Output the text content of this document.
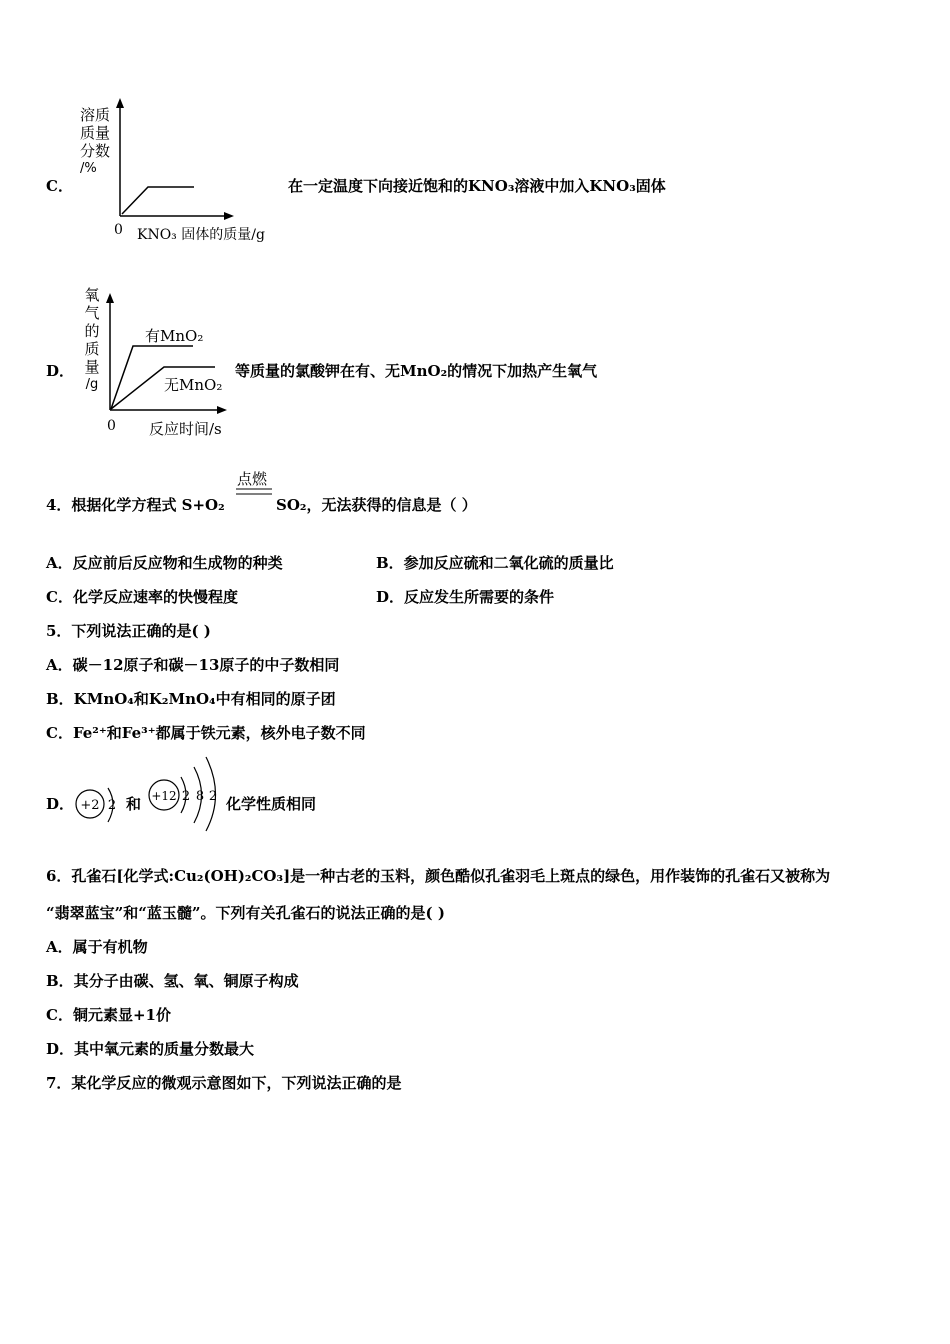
C．
溶质
质量
分数
/%
0 KNO₃ 固体的质量/g
在一定温度下向接近饱和的KNO₃溶液中加入KNO₃固体
D．
氧
气
的
质
量
/g
有MnO₂
无MnO₂
0 反应时间/s
等质量的氯酸钾在有、无MnO₂的情况下加热产生氧气
4．根据化学方程式 S+O₂
点燃
SO₂，无法获得的信息是（ ）
A．反应前后反应物和生成物的种类	B．参加反应硫和二氧化硫的质量比
C．化学反应速率的快慢程度	D．反应发生所需要的条件
5．下列说法正确的是( )
A．碳－12原子和碳－13原子的中子数相同
B．KMnO₄和K₂MnO₄中有相同的原子团
C．Fe²⁺和Fe³⁺都属于铁元素，核外电子数不同
D． +2 2 和 +12 2 8 2 化学性质相同
6．孔雀石[化学式:Cu₂(OH)₂CO₃]是一种古老的玉料，颜色酷似孔雀羽毛上斑点的绿色，用作装饰的孔雀石又被称为
“翡翠蓝宝”和“蓝玉髓”。下列有关孔雀石的说法正确的是( )
A．属于有机物
B．其分子由碳、氢、氧、铜原子构成
C．铜元素显+1价
D．其中氧元素的质量分数最大
7．某化学反应的微观示意图如下，下列说法正确的是
